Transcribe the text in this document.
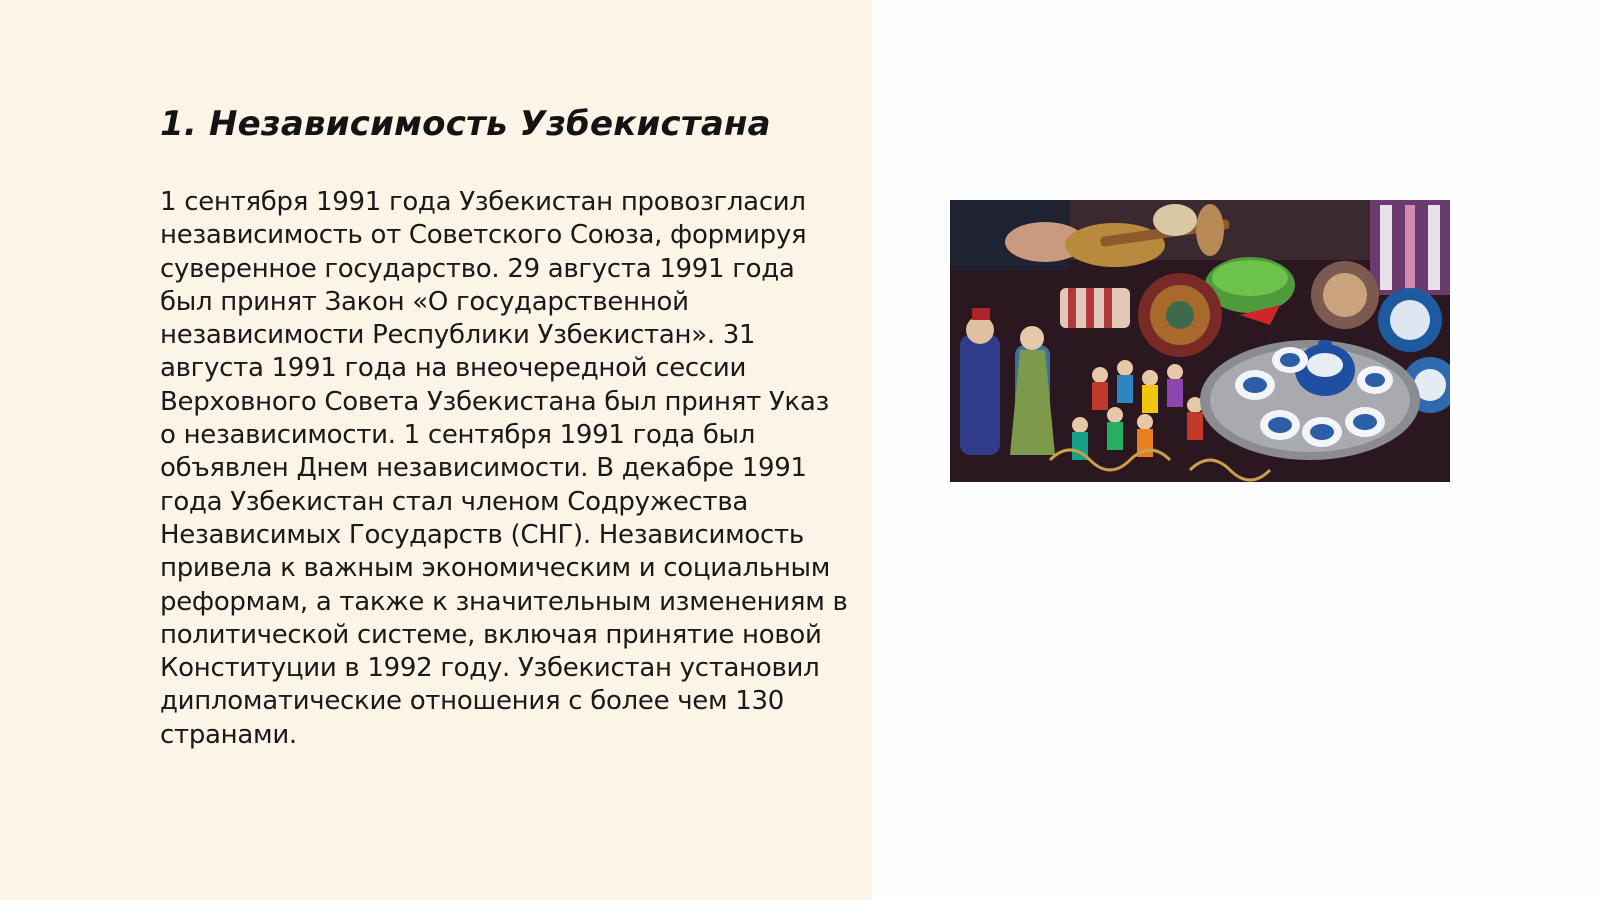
1. Независимость Узбекистана

1 сентября 1991 года Узбекистан провозгласил независимость от Советского Союза, формируя суверенное государство. 29 августа 1991 года был принят Закон «О государственной независимости Республики Узбекистан». 31 августа 1991 года на внеочередной сессии Верховного Совета Узбекистана был принят Указ о независимости. 1 сентября 1991 года был объявлен Днем независимости. В декабре 1991 года Узбекистан стал членом Содружества Независимых Государств (СНГ). Независимость привела к важным экономическим и социальным реформам, а также к значительным изменениям в политической системе, включая принятие новой Конституции в 1992 году. Узбекистан установил дипломатические отношения с более чем 130 странами.
